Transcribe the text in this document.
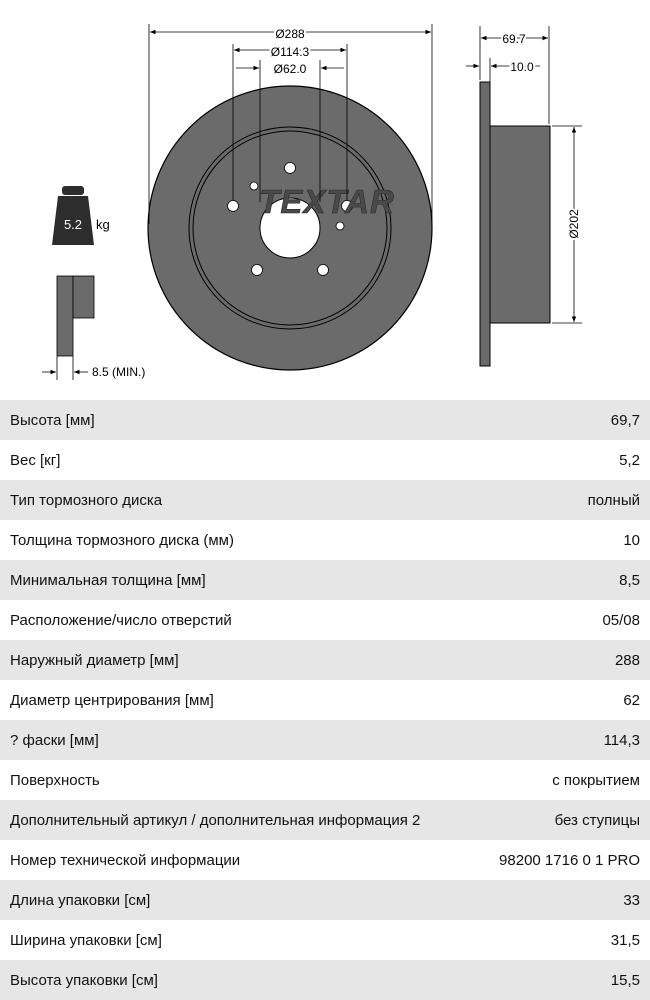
TEXTAR
Ø288
Ø114.3
Ø62.0
69.7
10.0
Ø202
5.2 kg
8.5 (MIN.)
Высота [мм]	69,7
Вес [кг]	5,2
Тип тормозного диска	полный
Толщина тормозного диска (мм)	10
Минимальная толщина [мм]	8,5
Расположение/число отверстий	05/08
Наружный диаметр [мм]	288
Диаметр центрирования [мм]	62
? фаски [мм]	114,3
Поверхность	с покрытием
Дополнительный артикул / дополнительная информация 2	без ступицы
Номер технической информации	98200 1716 0 1 PRO
Длина упаковки [см]	33
Ширина упаковки [см]	31,5
Высота упаковки [см]	15,5
